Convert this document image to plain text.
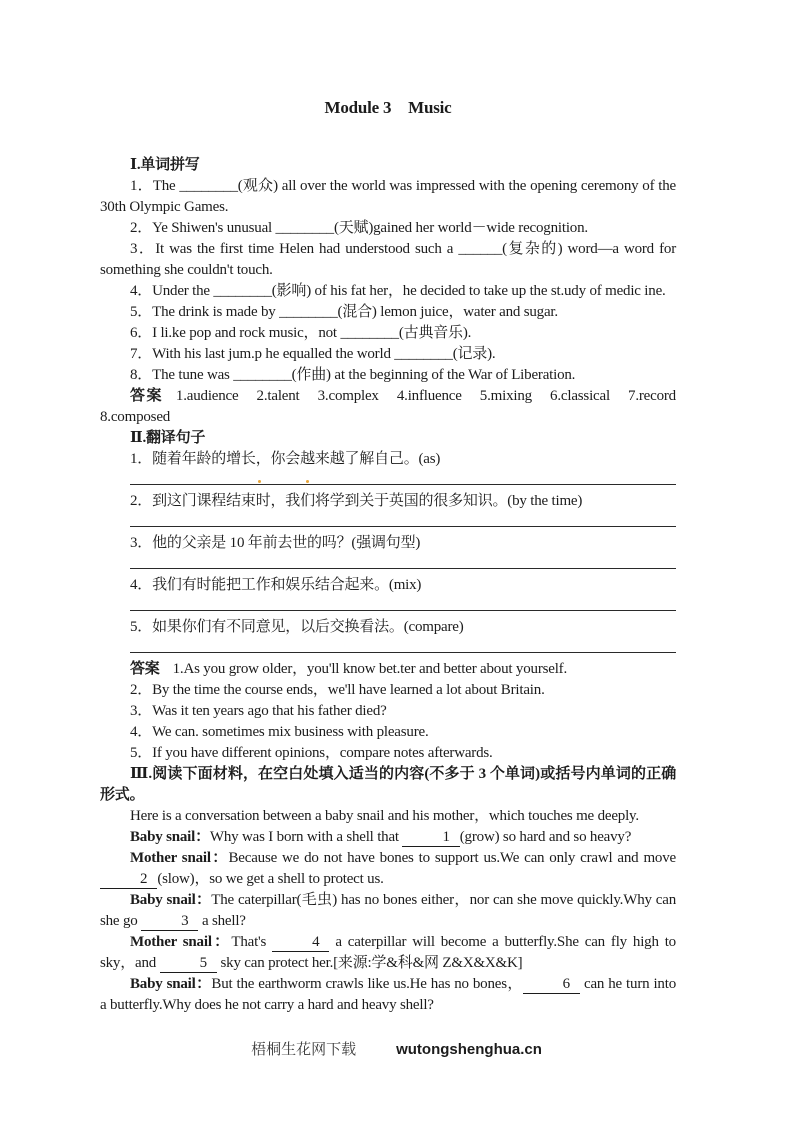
Module 3　Music

Ⅰ.单词拼写

1．The ________(观众) all over the world was impressed with the opening ceremony of the 30th Olympic Games.

2．Ye Shiwen's unusual ________(天赋)gained her world－wide recognition.

3．It was the first time Helen had understood such a ______(复杂的) word—a word for something she couldn't touch.

4．Under the ________(影响) of his fat her，he decided to take up the st.udy of medic ine.

5．The drink is made by ________(混合) lemon juice，water and sugar.

6．I li.ke pop and rock music，not ________(古典音乐).

7．With his last jum.p he equalled the world ________(记录).

8．The tune was ________(作曲) at the beginning of the War of Liberation.

答案 1.audience　2.talent　3.complex　4.influence　5.mixing　6.classical　7.record 8.composed

Ⅱ.翻译句子

1．随着年龄的增长，你会越来越了解自己。(as)

2．到这门课程结束时，我们将学到关于英国的很多知识。(by the time)

3．他的父亲是 10 年前去世的吗？(强调句型)

4．我们有时能把工作和娱乐结合起来。(mix)

5．如果你们有不同意见，以后交换看法。(compare)

答案 1.As you grow older，you'll know bet.ter and better about yourself.

2．By the time the course ends，we'll have learned a lot about Britain.

3．Was it ten years ago that his father died?

4．We can. sometimes mix business with pleasure.

5．If you have different opinions，compare notes afterwards.

Ⅲ.阅读下面材料，在空白处填入适当的内容(不多于 3 个单词)或括号内单词的正确形式。

Here is a conversation between a baby snail and his mother，which touches me deeply.

Baby snail：Why was I born with a shell that	1 (grow) so hard and so heavy?

Mother snail：Because we do not have bones to support us.We can only crawl and move 2 (slow)，so we get a shell to protect us.

Baby snail：The caterpillar(毛虫) has no bones either，nor can she move quickly.Why can she go	3 a shell?

Mother snail：That's	4 a caterpillar will become a butterfly.She can fly high to sky，and	5 sky can protect her.[来源:学&科&网 Z&X&X&K]

Baby snail：But the earthworm crawls like us.He has no bones，	6 can he turn into a butterfly.Why does he not carry a hard and heavy shell?

梧桐生花网下载	wutongshenghua.cn
